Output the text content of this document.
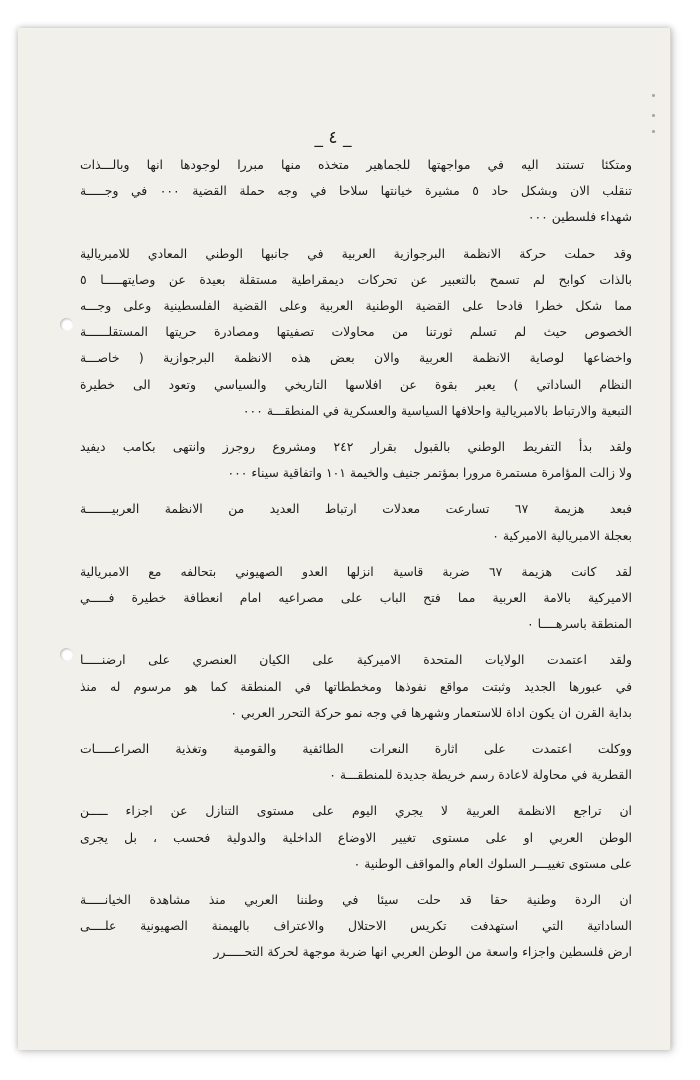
_ ٤ _
ومتكئا تستند اليه في مواجهتها للجماهير متخذه منها مبررا لوجودها انها وبالـــذات
تنقلب الان وبشكل حاد ٥ مشيرة خيانتها سلاحا في وجه حملة القضية ٠٠٠ في وجـــــة
شهداء فلسطين ٠٠٠
وقد حملت حركة الانظمة البرجوازية العربية في جانبها الوطني المعادي للامبريالية
بالذات كوابح لم تسمح بالتعبير عن تحركات ديمقراطية مستقلة بعيدة عن وصايتهـــــا ٥
مما شكل خطرا فادحا على القضية الوطنية العربية وعلى القضية الفلسطينية وعلى وجـــه
الخصوص حيث لم تسلم ثورتنا من محاولات تصفيتها ومصادرة حريتها المستقلــــــة
واخضاعها لوصاية الانظمة العربية والان بعض هذه الانظمة البرجوازية ( خاصـــة
النظام الساداتي ) يعبر بقوة عن افلاسها التاريخي والسياسي وتعود الى خطيرة
التبعية والارتباط بالامبريالية واحلافها السياسية والعسكرية في المنطقـــة ٠٠٠
ولقد بدأ التفريط الوطني بالقبول بقرار ٢٤٢ ومشروع روجرز وانتهى بكامب ديفيد
ولا زالت المؤامرة مستمرة مرورا بمؤتمر جنيف والخيمة ١٠١ واتفاقية سيناء ٠٠٠
فبعد هزيمة ٦٧ تسارعت معدلات ارتباط العديد من الانظمة العربيـــــــة
بعجلة الامبريالية الاميركية ٠
لقد كانت هزيمة ٦٧ ضربة قاسية انزلها العدو الصهيوني بتحالفه مع الامبريالية
الاميركية بالامة العربية مما فتح الباب على مصراعيه امام انعطافة خطيرة فـــــي
المنطقة باسرهــــا ٠
ولقد اعتمدت الولايات المتحدة الاميركية على الكيان العنصري على ارضنـــــا
في عبورها الجديد وثبتت مواقع نفوذها ومخططاتها في المنطقة كما هو مرسوم له منذ
بداية القرن ان يكون اداة للاستعمار وشهرها في وجه نمو حركة التحرر العربي ٠
ووكلت اعتمدت على اثارة النعرات الطائفية والقومية وتغذية الصراعـــــات
القطرية في محاولة لاعادة رسم خريطة جديدة للمنطقـــة ٠
ان تراجع الانظمة العربية لا يجري اليوم على مستوى التنازل عن اجزاء ـــــن
الوطن العربي او على مستوى تغيير الاوضاع الداخلية والدولية فحسب ، بل يجرى
على مستوى تغييـــر السلوك العام والمواقف الوطنية ٠
ان الردة وطنية حقا قد حلت سيئا في وطننا العربي منذ مشاهدة الخيانـــــة
الساداتية التي استهدفت تكريس الاحتلال والاعتراف بالهيمنة الصهيونية علــــى
ارض فلسطين واجزاء واسعة من الوطن العربي انها ضربة موجهة لحركة التحـــــرر
